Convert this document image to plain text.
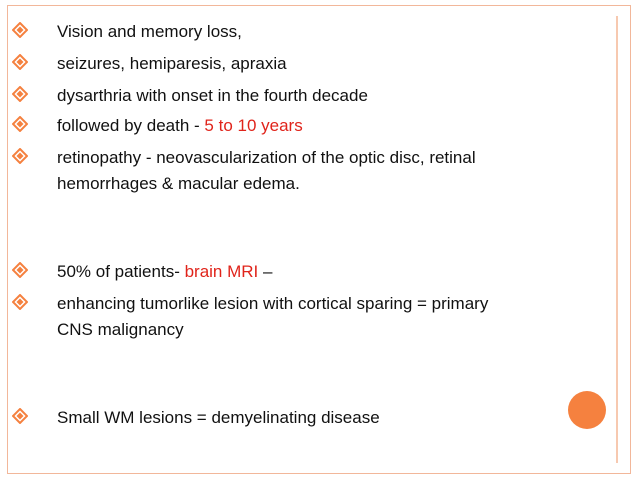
Vision and memory loss,
seizures, hemiparesis, apraxia
dysarthria with onset in the fourth decade
followed by death - 5 to 10 years
retinopathy - neovascularization of the optic disc, retinal
hemorrhages & macular edema.
50% of patients- brain MRI –
enhancing tumorlike lesion with cortical sparing = primary
CNS malignancy
Small WM lesions = demyelinating disease
